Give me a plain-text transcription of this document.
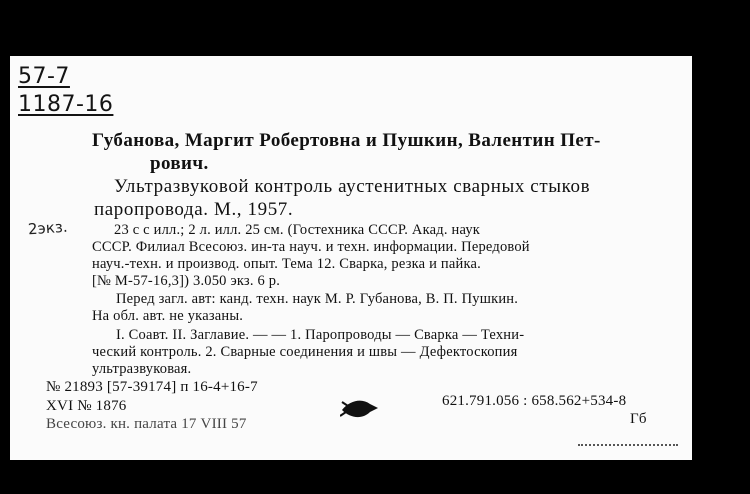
57-7
1187-16
2экз.
Губанова, Маргит Робертовна и Пушкин, Валентин Пет-
рович.
Ультразвуковой контроль аустенитных сварных стыков
паропровода. М., 1957.
23 с с илл.; 2 л. илл. 25 см. (Гостехника СССР. Акад. наук
СССР. Филиал Всесоюз. ин-та науч. и техн. информации. Передовой
науч.-техн. и производ. опыт. Тема 12. Сварка, резка и пайка.
[№ М-57-16,3]) 3.050 экз. 6 р.
Перед загл. авт: канд. техн. наук М. Р. Губанова, В. П. Пушкин.
На обл. авт. не указаны.
I. Соавт. II. Заглавие. — — 1. Паропроводы — Сварка — Техни-
ческий контроль. 2. Сварные соединения и швы — Дефектоскопия
ультразвуковая.
№ 21893 [57-39174] п 16-4+16-7
XVI № 1876
Всесоюз. кн. палата 17 VIII 57
621.791.056 : 658.562+534-8
Гб
